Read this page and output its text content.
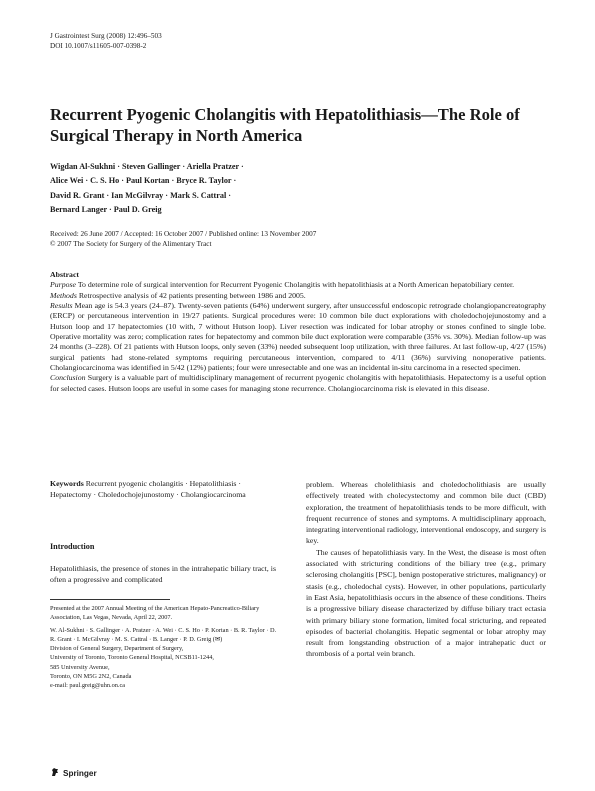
J Gastrointest Surg (2008) 12:496–503
DOI 10.1007/s11605-007-0398-2
Recurrent Pyogenic Cholangitis with Hepatolithiasis—The Role of Surgical Therapy in North America
Wigdan Al-Sukhni · Steven Gallinger · Ariella Pratzer ·
Alice Wei · C. S. Ho · Paul Kortan · Bryce R. Taylor ·
David R. Grant · Ian McGilvray · Mark S. Cattral ·
Bernard Langer · Paul D. Greig
Received: 26 June 2007 / Accepted: 16 October 2007 / Published online: 13 November 2007
© 2007 The Society for Surgery of the Alimentary Tract

Abstract

Purpose To determine role of surgical intervention for Recurrent Pyogenic Cholangitis with hepatolithiasis at a North American hepatobiliary center.

Methods Retrospective analysis of 42 patients presenting between 1986 and 2005.

Results Mean age is 54.3 years (24–87). Twenty-seven patients (64%) underwent surgery, after unsuccessful endoscopic retrograde cholangiopancreatography (ERCP) or percutaneous intervention in 19/27 patients. Surgical procedures were: 10 common bile duct explorations with choledochojejunostomy and a Hutson loop and 17 hepatectomies (10 with, 7 without Hutson loop). Liver resection was indicated for lobar atrophy or stones confined to single lobe. Operative mortality was zero; complication rates for hepatectomy and common bile duct exploration were comparable (35% vs. 30%). Median follow-up was 24 months (3–228). Of 21 patients with Hutson loops, only seven (33%) needed subsequent loop utilization, with three failures. At last follow-up, 4/27 (15%) surgical patients had stone-related symptoms requiring percutaneous intervention, compared to 4/11 (36%) surviving nonoperative patients. Cholangiocarcinoma was identified in 5/42 (12%) patients; four were unresectable and one was an incidental in-situ carcinoma in a resected specimen.

Conclusion Surgery is a valuable part of multidisciplinary management of recurrent pyogenic cholangitis with hepatolithiasis. Hepatectomy is a useful option for selected cases. Hutson loops are useful in some cases for managing stone recurrence. Cholangiocarcinoma risk is elevated in this disease.

Keywords Recurrent pyogenic cholangitis · Hepatolithiasis · Hepatectomy · Choledochojejunostomy · Cholangiocarcinoma
Introduction

Hepatolithiasis, the presence of stones in the intrahepatic biliary tract, is often a progressive and complicated

Presented at the 2007 Annual Meeting of the American Hepato-Pancreatico-Biliary Association, Las Vegas, Nevada, April 22, 2007.

W. Al-Sukhni · S. Gallinger · A. Pratzer · A. Wei · C. S. Ho · P. Kortan · B. R. Taylor · D. R. Grant · I. McGilvray · M. S. Cattral · B. Langer · P. D. Greig (✉)

Division of General Surgery, Department of Surgery,

University of Toronto, Toronto General Hospital, NCSB11-1244,

585 University Avenue,

Toronto, ON M5G 2N2, Canada

e-mail: paul.greig@uhn.on.ca

problem. Whereas cholelithiasis and choledocholithiasis are usually effectively treated with cholecystectomy and common bile duct (CBD) exploration, the treatment of hepatolithiasis tends to be more difficult, with frequent recurrence of stones and symptoms. A multidisciplinary approach, integrating interventional radiology, interventional endoscopy, and surgery is key.

The causes of hepatolithiasis vary. In the West, the disease is most often associated with stricturing conditions of the biliary tree (e.g., primary sclerosing cholangitis [PSC], benign postoperative strictures, malignancy) or stasis (e.g., choledochal cysts). However, in other populations, particularly in East Asia, hepatolithiasis occurs in the absence of these conditions. Theirs is a progressive biliary disease characterized by diffuse biliary tract ectasia with primary biliary stone formation, limited focal stricturing, and repeated episodes of bacterial cholangitis. Hepatic segmental or lobar atrophy may result from longstanding obstruction of a major intrahepatic duct or thrombosis of a portal vein branch.

Springer
